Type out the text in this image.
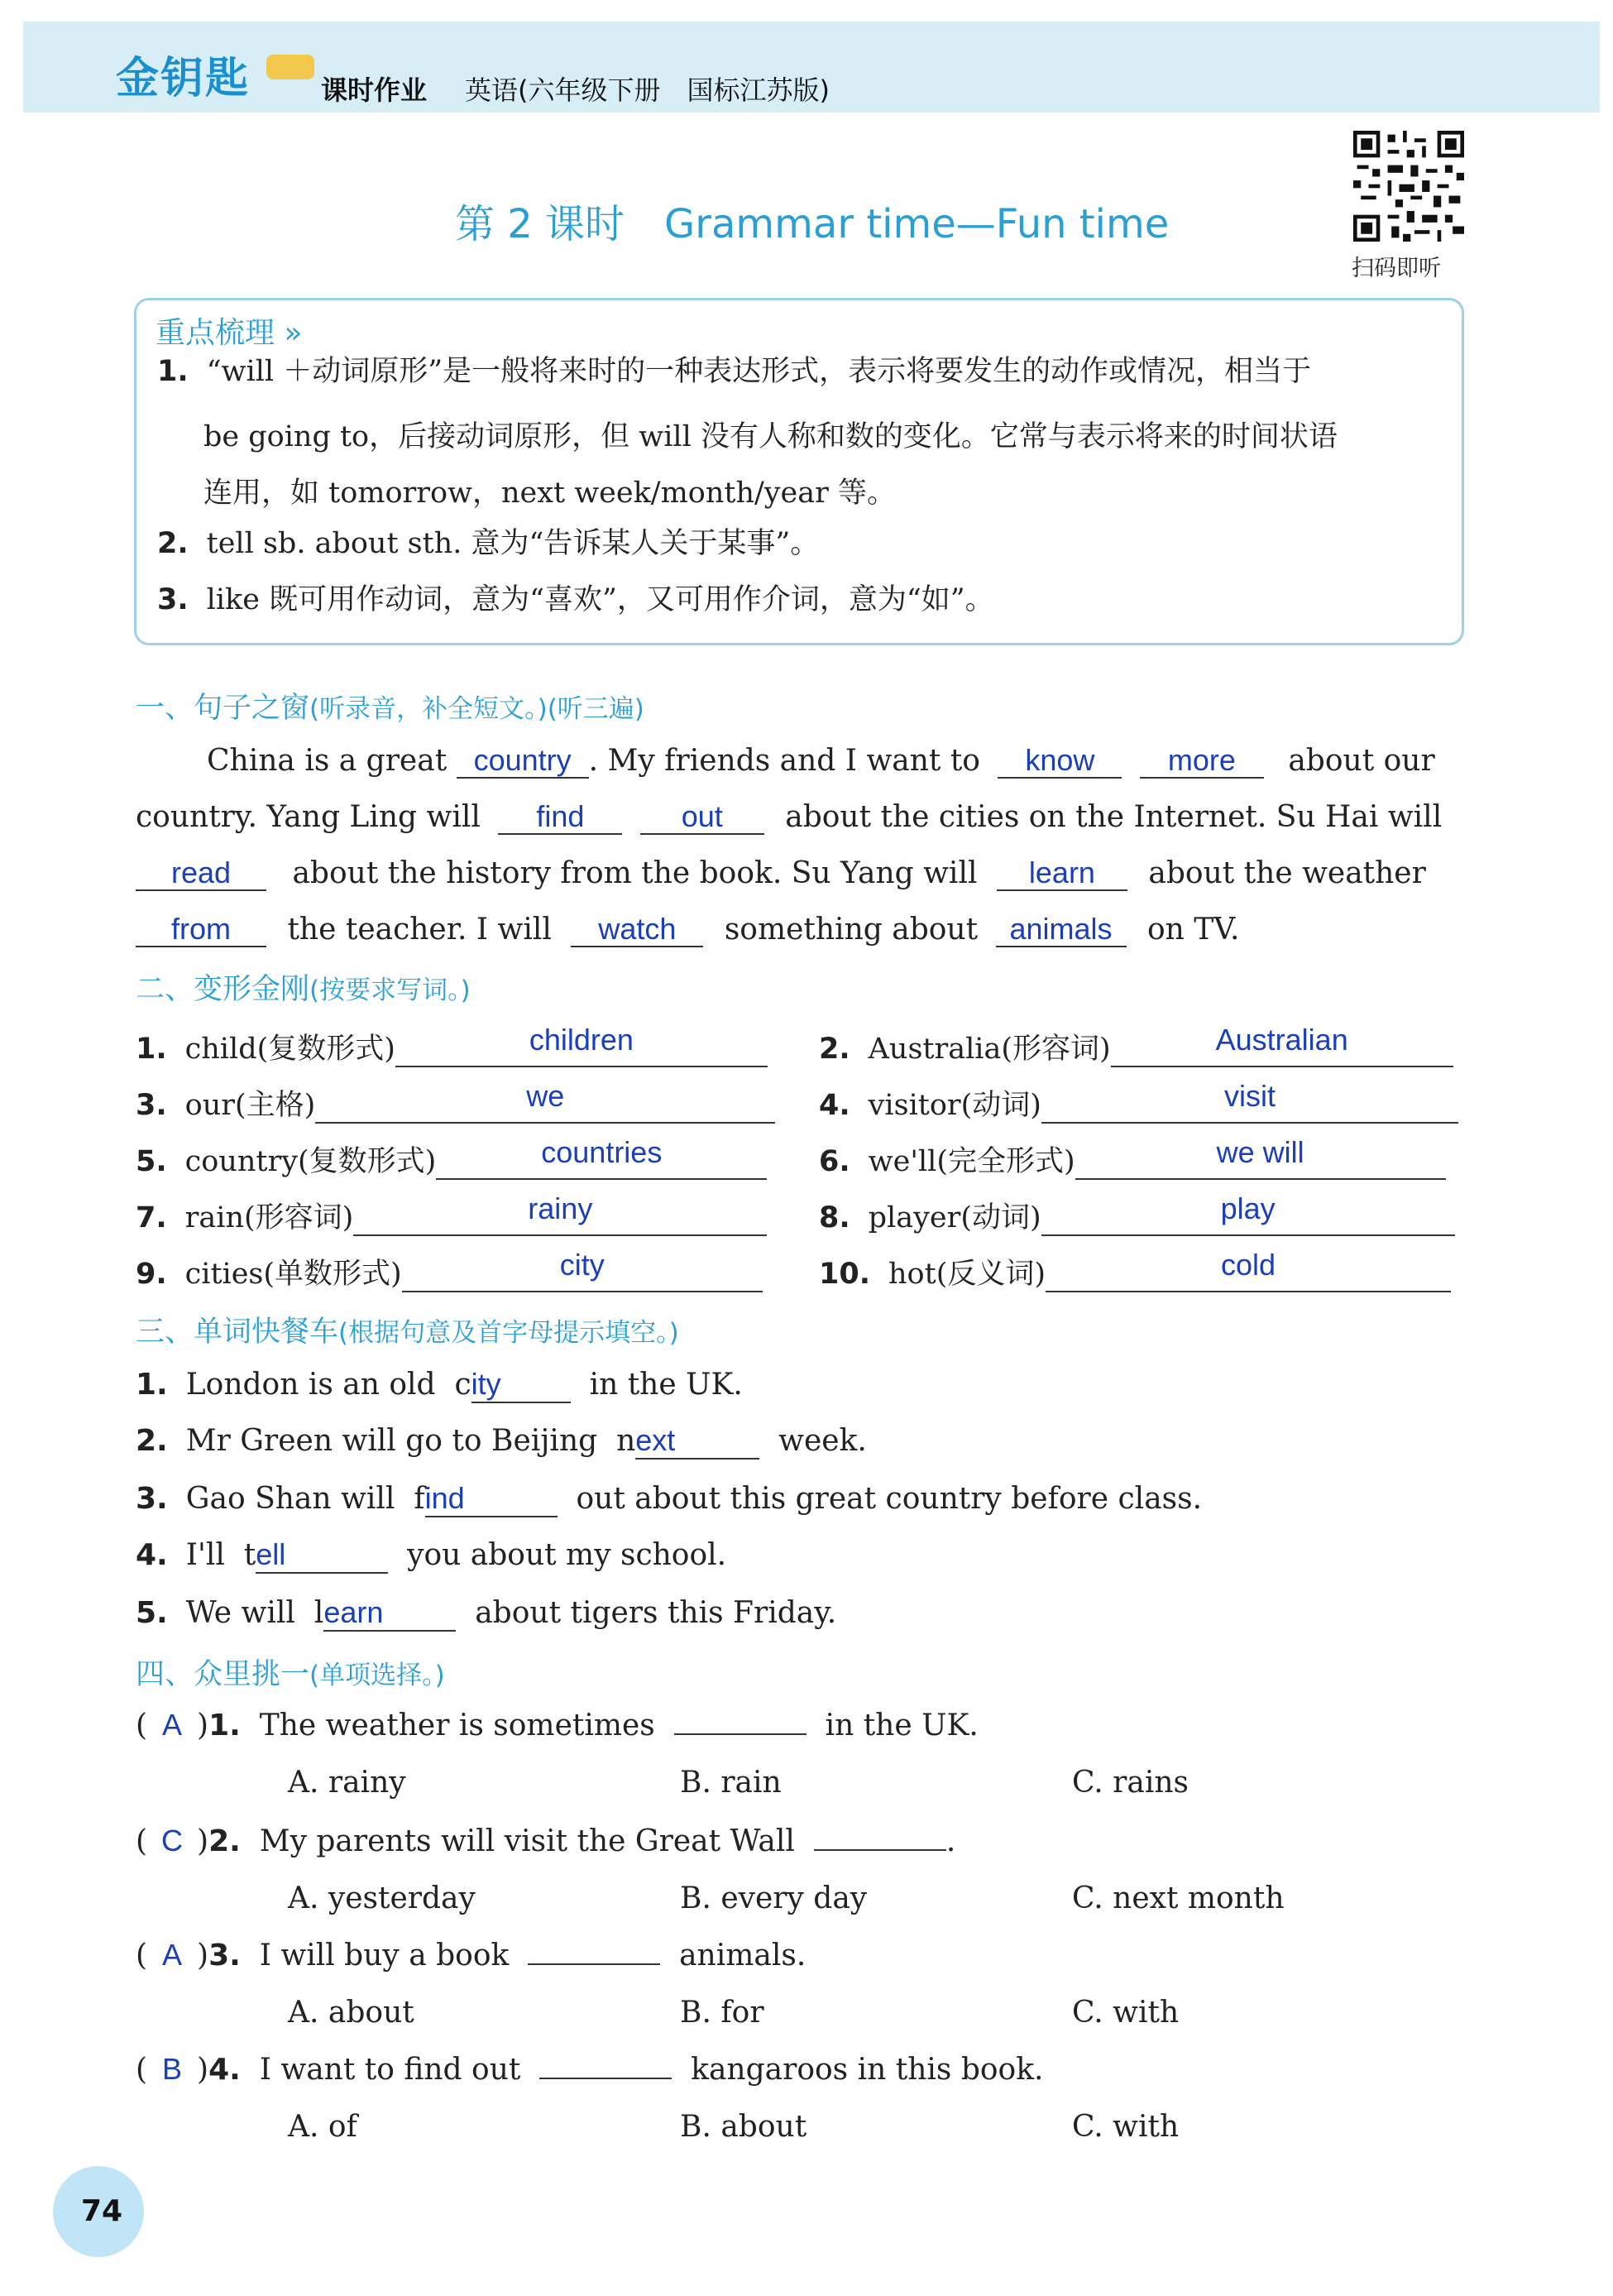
金钥匙	课时作业 英语(六年级下册　国标江苏版)
第 2 课时　Grammar time—Fun time
扫码即听
重点梳理 »
1. “will ＋动词原形”是一般将来时的一种表达形式，表示将要发生的动作或情况，相当于
be going to，后接动词原形，但 will 没有人称和数的变化。它常与表示将来的时间状语
连用，如 tomorrow，next week/month/year 等。
2. tell sb. about sth. 意为“告诉某人关于某事”。
3. like 既可用作动词，意为“喜欢”，又可用作介词，意为“如”。
一、句子之窗(听录音，补全短文。)(听三遍)
China is a great country . My friends and I want to know more about our
country. Yang Ling will find	out about the cities on the Internet. Su Hai will
read about the history from the book. Su Yang will learn about the weather
from the teacher. I will watch something about animals on TV.
二、变形金刚(按要求写词。)
1. child(复数形式)	children
	2. Australia(形容词)	Australian

3. our(主格)	we
	4. visitor(动词)	visit

5. country(复数形式)	countries
	6. we'll(完全形式)	we will

7. rain(形容词)	rainy
	8. player(动词)	play

9. cities(单数形式)	city
	10. hot(反义词)	cold

三、单词快餐车(根据句意及首字母提示填空。)
1. London is an old city	in the UK.
2. Mr Green will go to Beijing next	week.
3. Gao Shan will find	out about this great country before class.
4. I'll tell	you about my school.
5. We will learn	about tigers this Friday.
四、众里挑一(单项选择。)
( A )1. The weather is sometimes	in the UK.
A. rainy	B. rain	C. rains
( C )2. My parents will visit the Great Wall	.
A. yesterday	B. every day	C. next month
( A )3. I will buy a book	animals.
A. about	B. for	C. with
( B )4. I want to find out	kangaroos in this book.
A. of	B. about	C. with
74
